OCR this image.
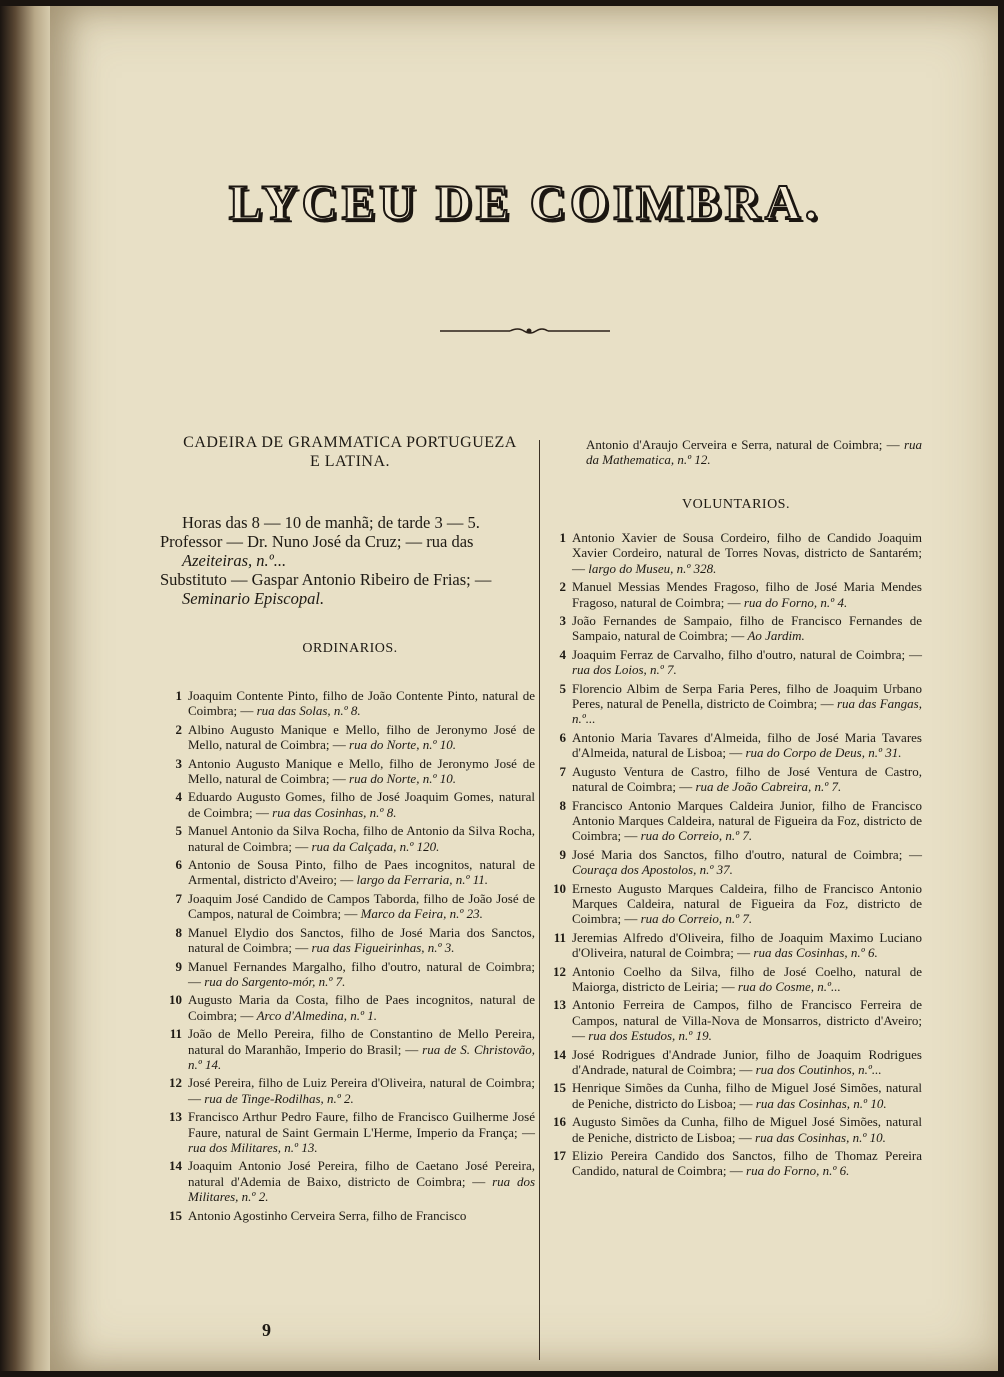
LYCEU DE COIMBRA.
CADEIRA DE GRAMMATICA PORTUGUEZA
E LATINA.
Horas das 8 — 10 de manhã; de tarde 3 — 5.
Professor — Dr. Nuno José da Cruz; — rua das
Azeiteiras, n.º...
Substituto — Gaspar Antonio Ribeiro de Frias; —
Seminario Episcopal.
ORDINARIOS.
1 Joaquim Contente Pinto, filho de João Contente Pinto, natural de Coimbra; — rua das Solas, n.º 8.
2 Albino Augusto Manique e Mello, filho de Jeronymo José de Mello, natural de Coimbra; — rua do Norte, n.º 10.
3 Antonio Augusto Manique e Mello, filho de Jeronymo José de Mello, natural de Coimbra; — rua do Norte, n.º 10.
4 Eduardo Augusto Gomes, filho de José Joaquim Gomes, natural de Coimbra; — rua das Cosinhas, n.º 8.
5 Manuel Antonio da Silva Rocha, filho de Antonio da Silva Rocha, natural de Coimbra; — rua da Calçada, n.º 120.
6 Antonio de Sousa Pinto, filho de Paes incognitos, natural de Armental, districto d'Aveiro; — largo da Ferraria, n.º 11.
7 Joaquim José Candido de Campos Taborda, filho de João José de Campos, natural de Coimbra; — Marco da Feira, n.º 23.
8 Manuel Elydio dos Sanctos, filho de José Maria dos Sanctos, natural de Coimbra; — rua das Figueirinhas, n.º 3.
9 Manuel Fernandes Margalho, filho d'outro, natural de Coimbra; — rua do Sargento-mór, n.º 7.
10 Augusto Maria da Costa, filho de Paes incognitos, natural de Coimbra; — Arco d'Almedina, n.º 1.
11 João de Mello Pereira, filho de Constantino de Mello Pereira, natural do Maranhão, Imperio do Brasil; — rua de S. Christovão, n.º 14.
12 José Pereira, filho de Luiz Pereira d'Oliveira, natural de Coimbra; — rua de Tinge-Rodilhas, n.º 2.
13 Francisco Arthur Pedro Faure, filho de Francisco Guilherme José Faure, natural de Saint Germain L'Herme, Imperio da França; — rua dos Militares, n.º 13.
14 Joaquim Antonio José Pereira, filho de Caetano José Pereira, natural d'Ademia de Baixo, districto de Coimbra; — rua dos Militares, n.º 2.
15 Antonio Agostinho Cerveira Serra, filho de Francisco
Antonio d'Araujo Cerveira e Serra, natural de Coimbra; — rua da Mathematica, n.º 12.
VOLUNTARIOS.
1 Antonio Xavier de Sousa Cordeiro, filho de Candido Joaquim Xavier Cordeiro, natural de Torres Novas, districto de Santarém; — largo do Museu, n.º 328.
2 Manuel Messias Mendes Fragoso, filho de José Maria Mendes Fragoso, natural de Coimbra; — rua do Forno, n.º 4.
3 João Fernandes de Sampaio, filho de Francisco Fernandes de Sampaio, natural de Coimbra; — Ao Jardim.
4 Joaquim Ferraz de Carvalho, filho d'outro, natural de Coimbra; — rua dos Loios, n.º 7.
5 Florencio Albim de Serpa Faria Peres, filho de Joaquim Urbano Peres, natural de Penella, districto de Coimbra; — rua das Fangas, n.º...
6 Antonio Maria Tavares d'Almeida, filho de José Maria Tavares d'Almeida, natural de Lisboa; — rua do Corpo de Deus, n.º 31.
7 Augusto Ventura de Castro, filho de José Ventura de Castro, natural de Coimbra; — rua de João Cabreira, n.º 7.
8 Francisco Antonio Marques Caldeira Junior, filho de Francisco Antonio Marques Caldeira, natural de Figueira da Foz, districto de Coimbra; — rua do Correio, n.º 7.
9 José Maria dos Sanctos, filho d'outro, natural de Coimbra; — Couraça dos Apostolos, n.º 37.
10 Ernesto Augusto Marques Caldeira, filho de Francisco Antonio Marques Caldeira, natural de Figueira da Foz, districto de Coimbra; — rua do Correio, n.º 7.
11 Jeremias Alfredo d'Oliveira, filho de Joaquim Maximo Luciano d'Oliveira, natural de Coimbra; — rua das Cosinhas, n.º 6.
12 Antonio Coelho da Silva, filho de José Coelho, natural de Maiorga, districto de Leiria; — rua do Cosme, n.º...
13 Antonio Ferreira de Campos, filho de Francisco Ferreira de Campos, natural de Villa-Nova de Monsarros, districto d'Aveiro; — rua dos Estudos, n.º 19.
14 José Rodrigues d'Andrade Junior, filho de Joaquim Rodrigues d'Andrade, natural de Coimbra; — rua dos Coutinhos, n.º...
15 Henrique Simões da Cunha, filho de Miguel José Simões, natural de Peniche, districto do Lisboa; — rua das Cosinhas, n.º 10.
16 Augusto Simões da Cunha, filho de Miguel José Simões, natural de Peniche, districto de Lisboa; — rua das Cosinhas, n.º 10.
17 Elizio Pereira Candido dos Sanctos, filho de Thomaz Pereira Candido, natural de Coimbra; — rua do Forno, n.º 6.
9
